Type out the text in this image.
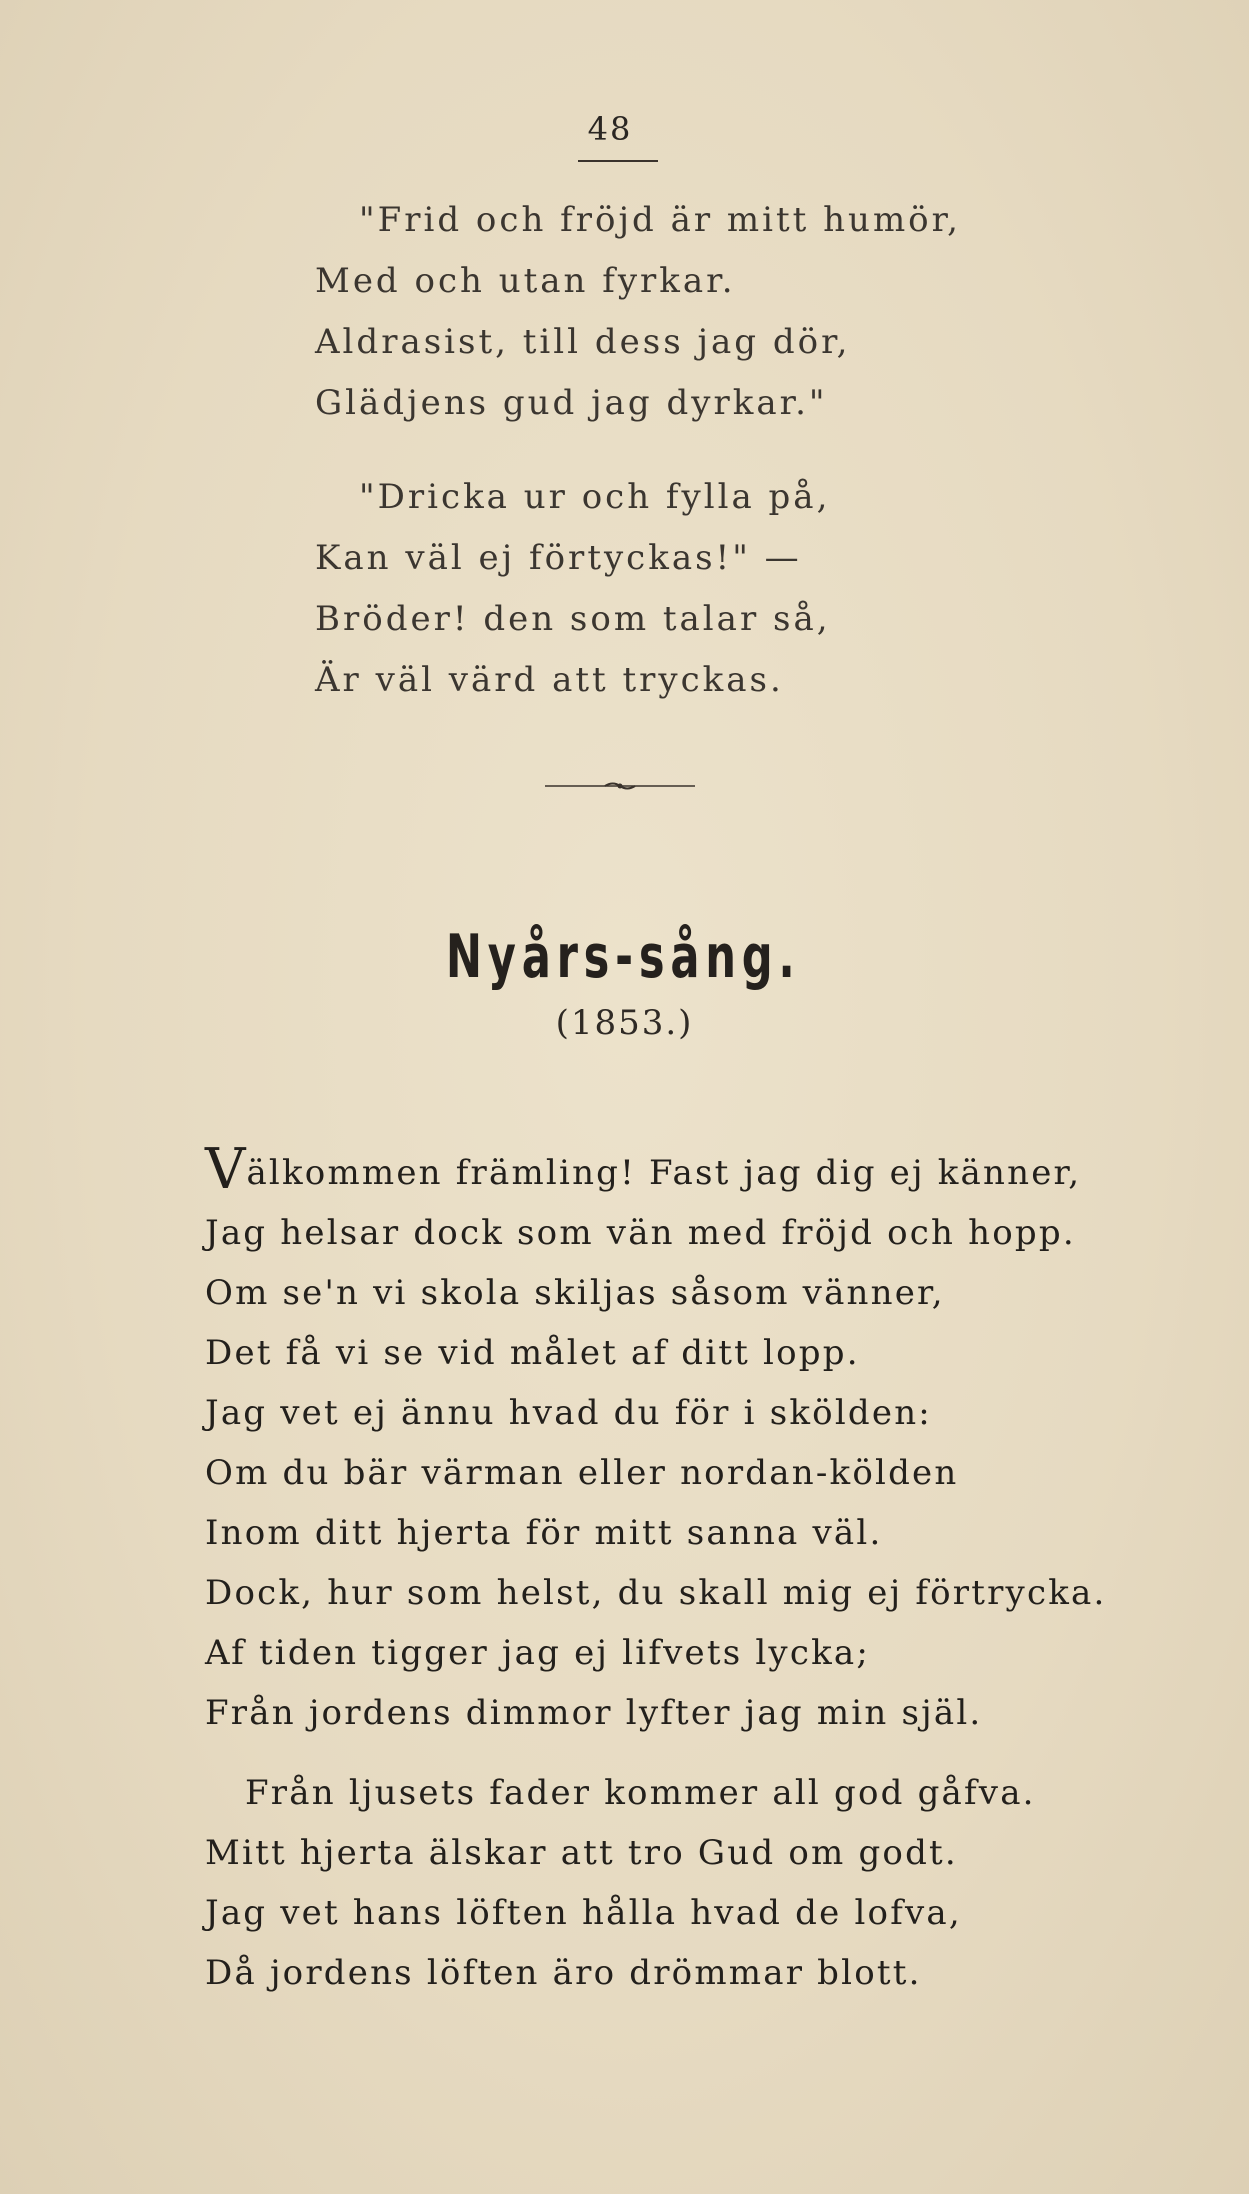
48
"Frid och fröjd är mitt humör,
Med och utan fyrkar.
Aldrasist, till dess jag dör,
Glädjens gud jag dyrkar."
"Dricka ur och fylla på,
Kan väl ej förtyckas!" —
Bröder! den som talar så,
Är väl värd att tryckas.
Nyårs-sång.
(1853.)
Välkommen främling! Fast jag dig ej känner,
Jag helsar dock som vän med fröjd och hopp.
Om se'n vi skola skiljas såsom vänner,
Det få vi se vid målet af ditt lopp.
Jag vet ej ännu hvad du för i skölden:
Om du bär värman eller nordan-kölden
Inom ditt hjerta för mitt sanna väl.
Dock, hur som helst, du skall mig ej förtrycka.
Af tiden tigger jag ej lifvets lycka;
Från jordens dimmor lyfter jag min själ.
Från ljusets fader kommer all god gåfva.
Mitt hjerta älskar att tro Gud om godt.
Jag vet hans löften hålla hvad de lofva,
Då jordens löften äro drömmar blott.
